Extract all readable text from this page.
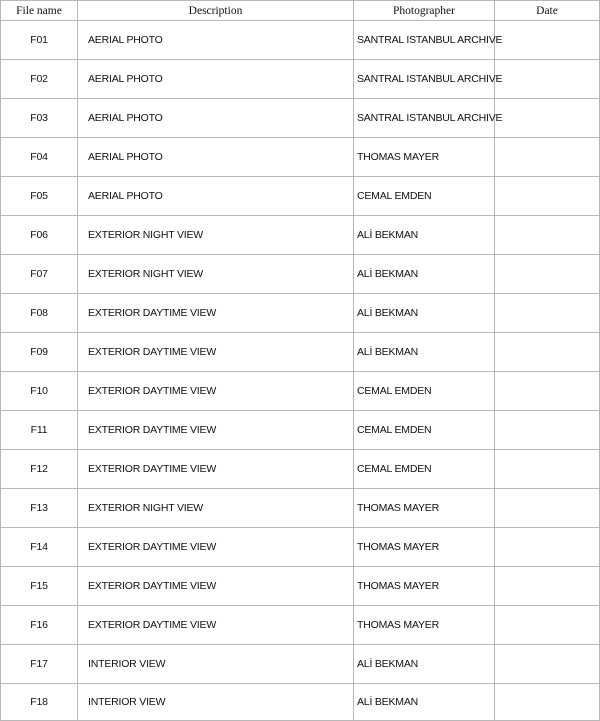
File name	Description	Photographer	Date
F01	AERIAL PHOTO	SANTRAL ISTANBUL ARCHIVE	
F02	AERIAL PHOTO	SANTRAL ISTANBUL ARCHIVE	
F03	AERIAL PHOTO	SANTRAL ISTANBUL ARCHIVE	
F04	AERIAL PHOTO	THOMAS MAYER	
F05	AERIAL PHOTO	CEMAL EMDEN	
F06	EXTERIOR NIGHT VIEW	ALİ BEKMAN	
F07	EXTERIOR NIGHT VIEW	ALİ BEKMAN	
F08	EXTERIOR DAYTIME VIEW	ALİ BEKMAN	
F09	EXTERIOR DAYTIME VIEW	ALİ BEKMAN	
F10	EXTERIOR DAYTIME VIEW	CEMAL EMDEN	
F11	EXTERIOR DAYTIME VIEW	CEMAL EMDEN	
F12	EXTERIOR DAYTIME VIEW	CEMAL EMDEN	
F13	EXTERIOR NIGHT VIEW	THOMAS MAYER	
F14	EXTERIOR DAYTIME VIEW	THOMAS MAYER	
F15	EXTERIOR DAYTIME VIEW	THOMAS MAYER	
F16	EXTERIOR DAYTIME VIEW	THOMAS MAYER	
F17	INTERIOR VIEW	ALİ BEKMAN	
F18	INTERIOR VIEW	ALİ BEKMAN	
